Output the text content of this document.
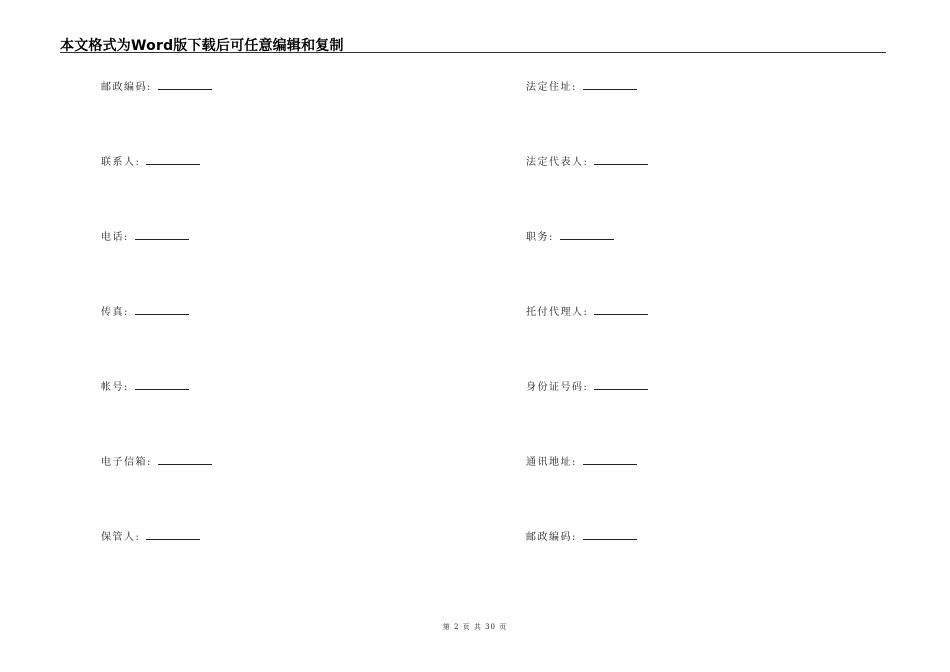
本文格式为Word版下载后可任意编辑和复制
邮政编码:
联系人:
电话:
传真:
帐号:
电子信箱:
保管人:
法定住址:
法定代表人:
职务:
托付代理人:
身份证号码:
通讯地址:
邮政编码:
第 2 页 共 30 页
